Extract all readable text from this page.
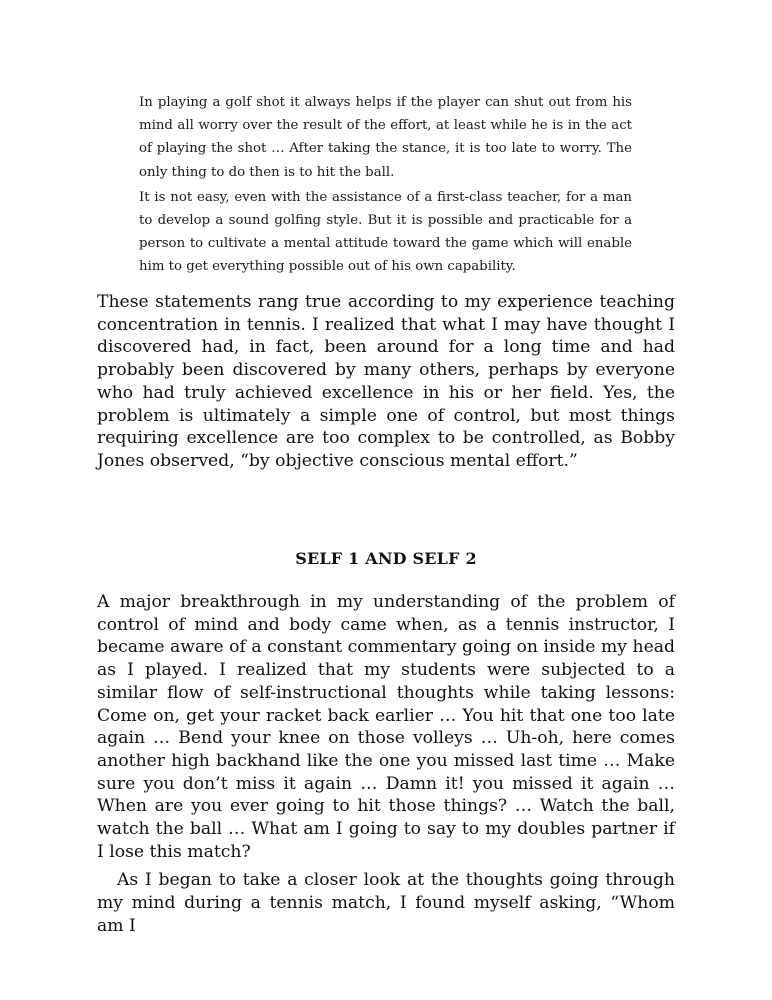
In playing a golf shot it always helps if the player can shut out from his mind all worry over the result of the effort, at least while he is in the act of playing the shot … After taking the stance, it is too late to worry. The only thing to do then is to hit the ball.

It is not easy, even with the assistance of a first-class teacher, for a man to develop a sound golfing style. But it is possible and practicable for a person to cultivate a mental attitude toward the game which will enable him to get everything possible out of his own capability.

These statements rang true according to my experience teaching concentration in tennis. I realized that what I may have thought I discovered had, in fact, been around for a long time and had probably been discovered by many others, perhaps by everyone who had truly achieved excellence in his or her field. Yes, the problem is ultimately a simple one of control, but most things requiring excellence are too complex to be controlled, as Bobby Jones observed, “by objective conscious mental effort.”

SELF 1 AND SELF 2

A major breakthrough in my understanding of the problem of control of mind and body came when, as a tennis instructor, I became aware of a constant commentary going on inside my head as I played. I realized that my students were subjected to a similar flow of self-instructional thoughts while taking lessons: Come on, get your racket back earlier … You hit that one too late again … Bend your knee on those volleys … Uh-oh, here comes another high backhand like the one you missed last time … Make sure you don’t miss it again … Damn it! you missed it again … When are you ever going to hit those things? … Watch the ball, watch the ball … What am I going to say to my doubles partner if I lose this match?

As I began to take a closer look at the thoughts going through my mind during a tennis match, I found myself asking, “Whom am I
